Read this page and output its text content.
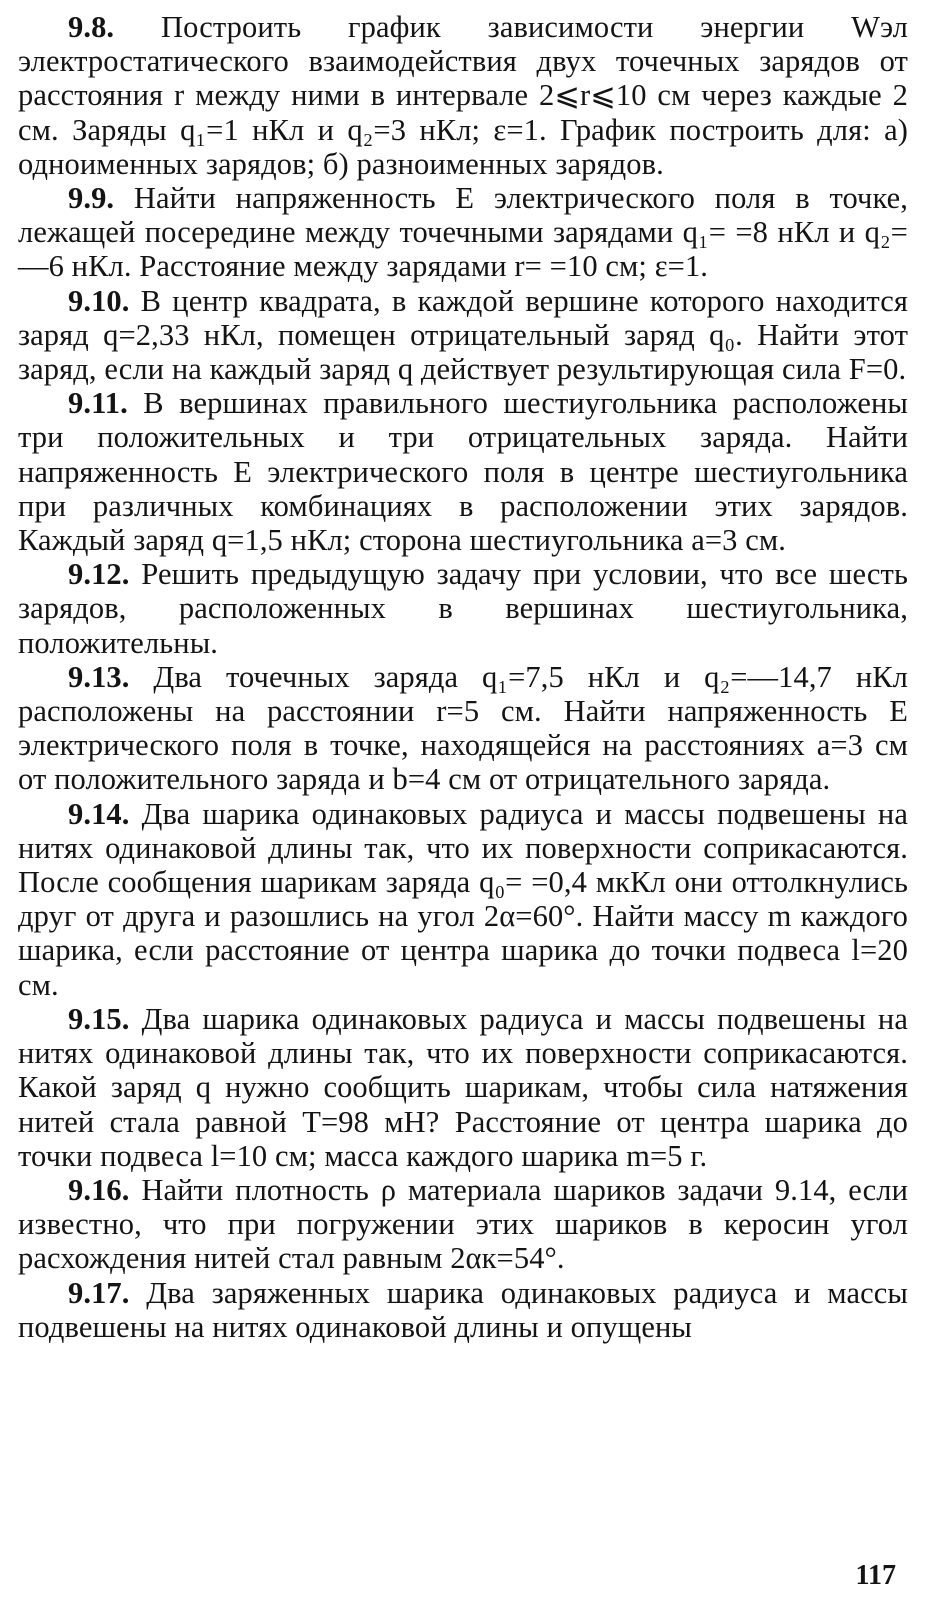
9.8. Построить график зависимости энергии Wэл электростатического взаимодействия двух точечных зарядов от расстояния r между ними в интервале 2⩽r⩽10 см через каждые 2 см. Заряды q₁=1 нКл и q₂=3 нКл; ε=1. График построить для: а) одноименных зарядов; б) разноименных зарядов.

9.9. Найти напряженность E электрического поля в точке, лежащей посередине между точечными зарядами q₁= =8 нКл и q₂=—6 нКл. Расстояние между зарядами r= =10 см; ε=1.

9.10. В центр квадрата, в каждой вершине которого находится заряд q=2,33 нКл, помещен отрицательный заряд q₀. Найти этот заряд, если на каждый заряд q действует результирующая сила F=0.

9.11. В вершинах правильного шестиугольника расположены три положительных и три отрицательных заряда. Найти напряженность E электрического поля в центре шестиугольника при различных комбинациях в расположении этих зарядов. Каждый заряд q=1,5 нКл; сторона шестиугольника a=3 см.

9.12. Решить предыдущую задачу при условии, что все шесть зарядов, расположенных в вершинах шестиугольника, положительны.

9.13. Два точечных заряда q₁=7,5 нКл и q₂=—14,7 нКл расположены на расстоянии r=5 см. Найти напряженность E электрического поля в точке, находящейся на расстояниях a=3 см от положительного заряда и b=4 см от отрицательного заряда.

9.14. Два шарика одинаковых радиуса и массы подвешены на нитях одинаковой длины так, что их поверхности соприкасаются. После сообщения шарикам заряда q₀= =0,4 мкКл они оттолкнулись друг от друга и разошлись на угол 2α=60°. Найти массу m каждого шарика, если расстояние от центра шарика до точки подвеса l=20 см.

9.15. Два шарика одинаковых радиуса и массы подвешены на нитях одинаковой длины так, что их поверхности соприкасаются. Какой заряд q нужно сообщить шарикам, чтобы сила натяжения нитей стала равной T=98 мН? Расстояние от центра шарика до точки подвеса l=10 см; масса каждого шарика m=5 г.

9.16. Найти плотность ρ материала шариков задачи 9.14, если известно, что при погружении этих шариков в керосин угол расхождения нитей стал равным 2αк=54°.

9.17. Два заряженных шарика одинаковых радиуса и массы подвешены на нитях одинаковой длины и опущены

117
